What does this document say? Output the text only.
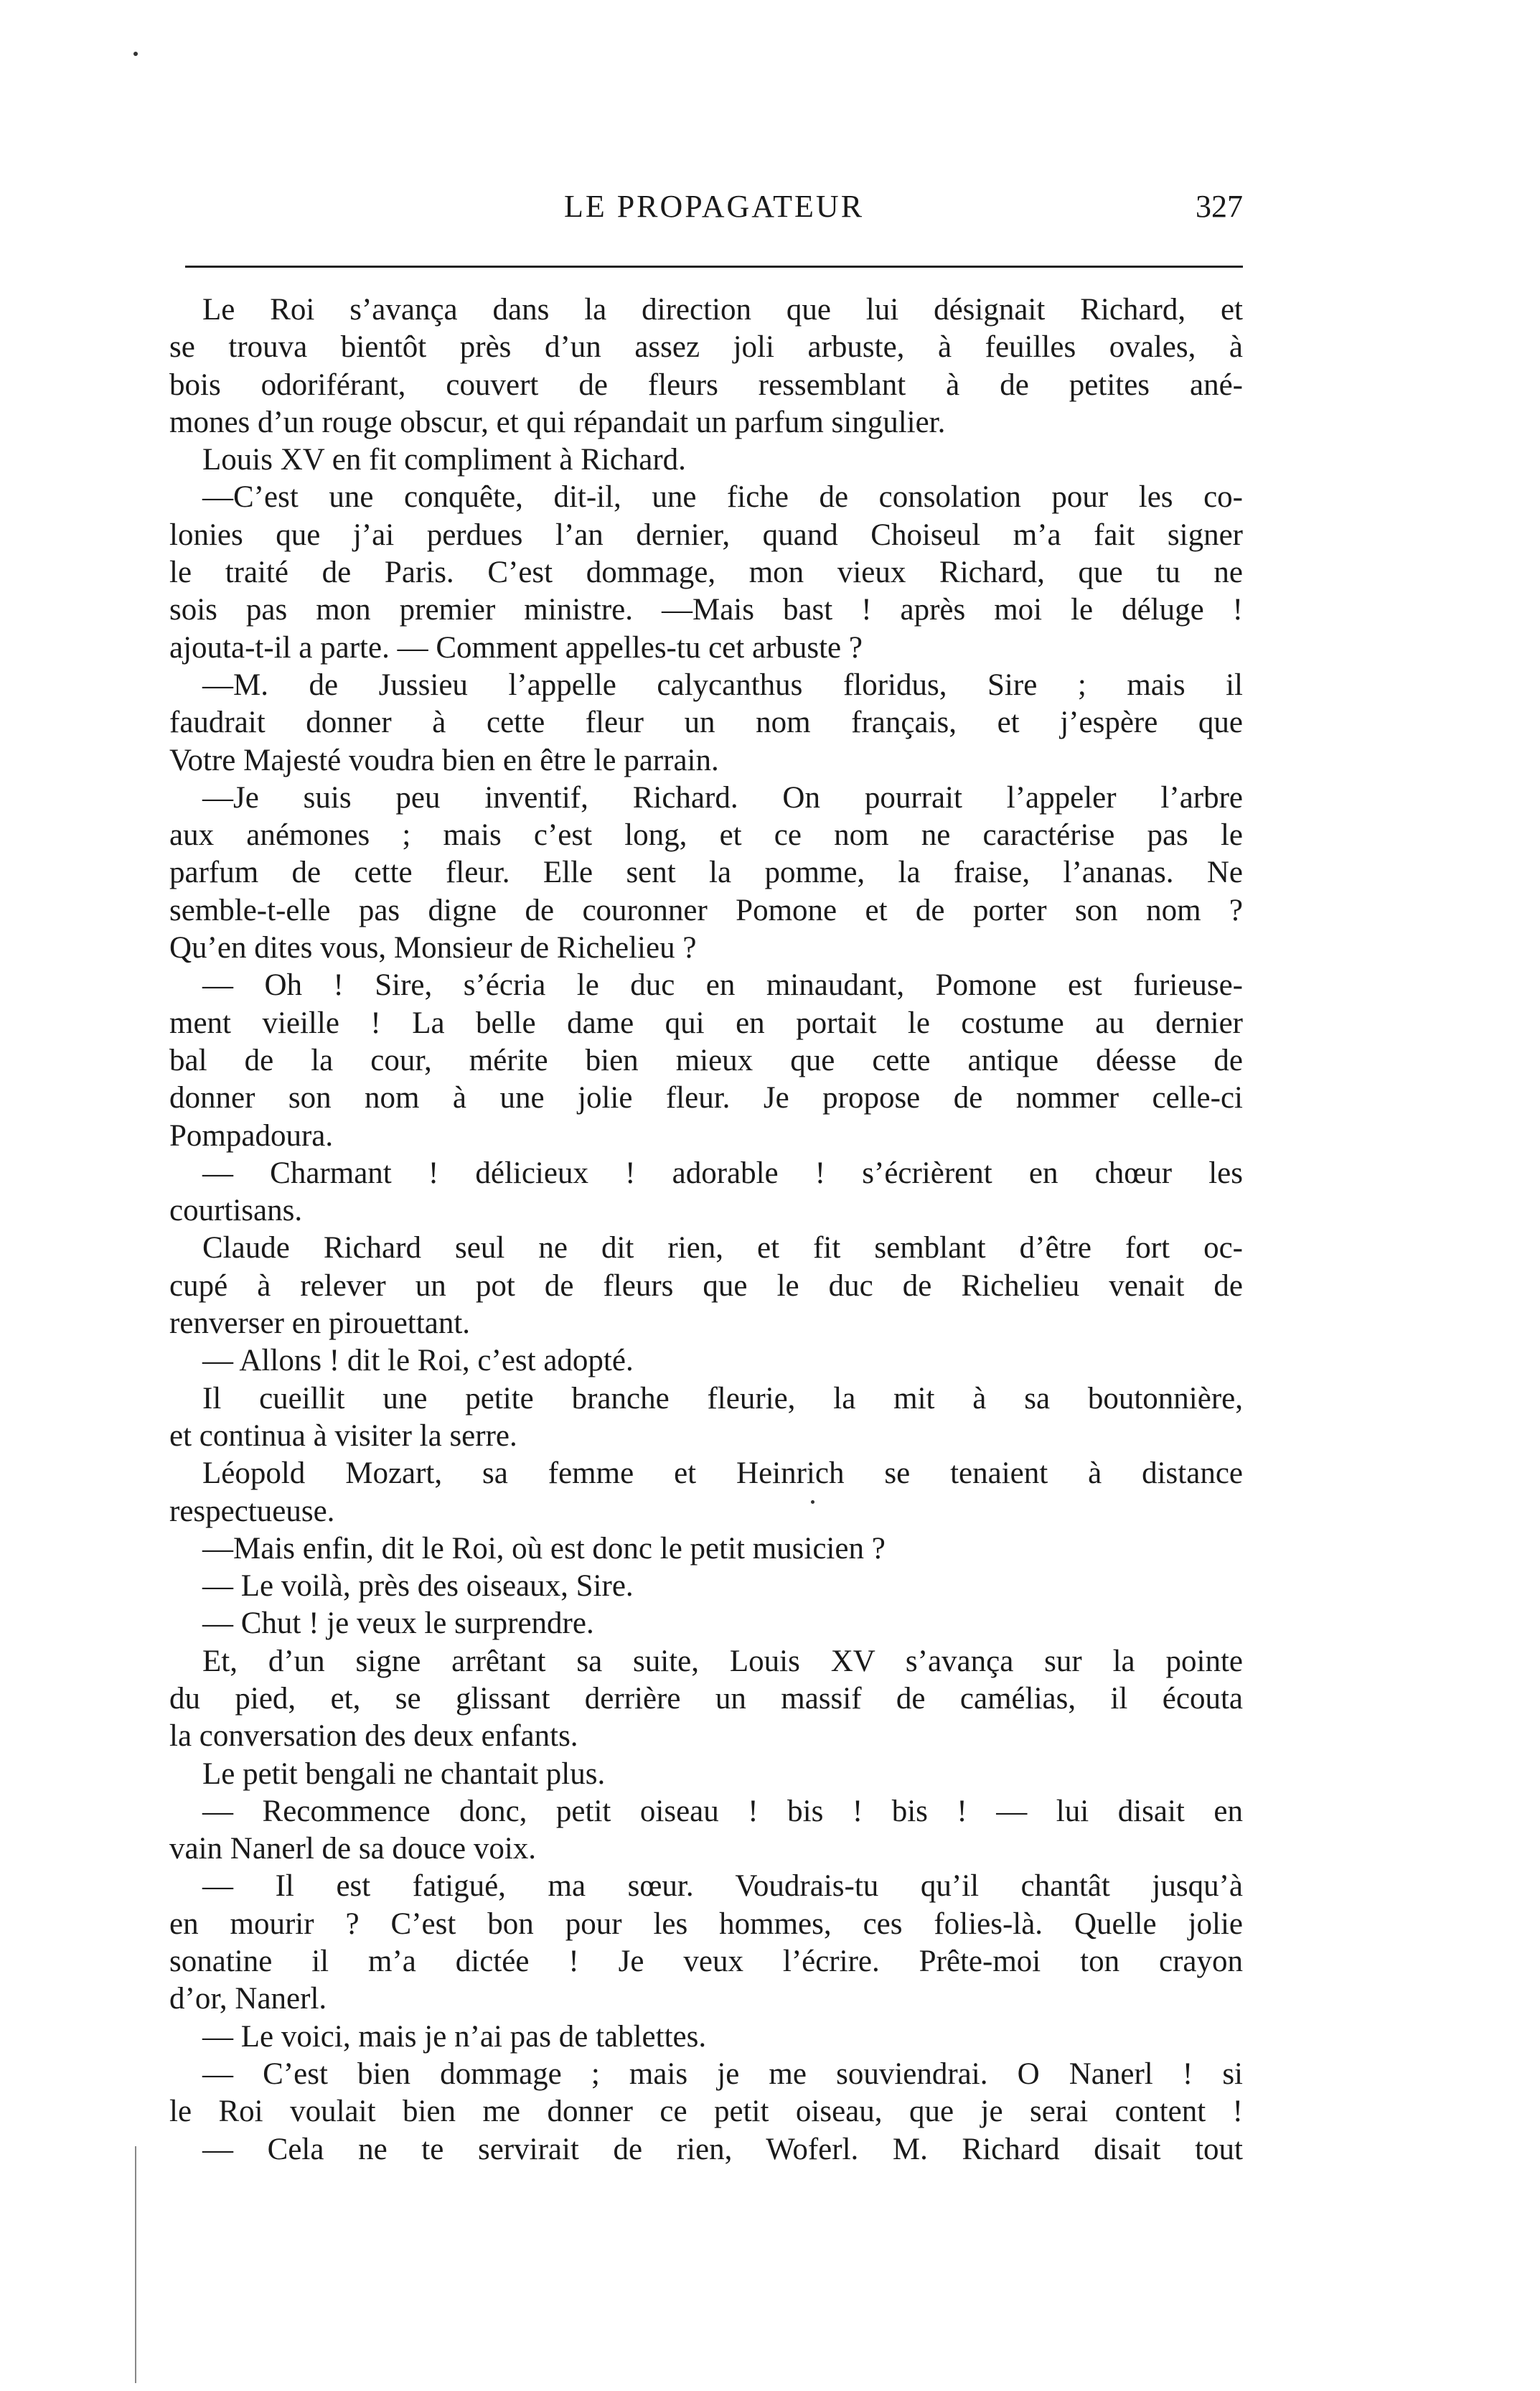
LE PROPAGATEUR	327
Le Roi s’avança dans la direction que lui désignait Richard, et
se trouva bientôt près d’un assez joli arbuste, à feuilles ovales, à
bois odoriférant, couvert de fleurs ressemblant à de petites ané-
mones d’un rouge obscur, et qui répandait un parfum singulier.
Louis XV en fit compliment à Richard.
—C’est une conquête, dit-il, une fiche de consolation pour les co-
lonies que j’ai perdues l’an dernier, quand Choiseul m’a fait signer
le traité de Paris. C’est dommage, mon vieux Richard, que tu ne
sois pas mon premier ministre. —Mais bast ! après moi le déluge !
ajouta-t-il a parte. — Comment appelles-tu cet arbuste ?
—M. de Jussieu l’appelle calycanthus floridus, Sire ; mais il
faudrait donner à cette fleur un nom français, et j’espère que
Votre Majesté voudra bien en être le parrain.
—Je suis peu inventif, Richard. On pourrait l’appeler l’arbre
aux anémones ; mais c’est long, et ce nom ne caractérise pas le
parfum de cette fleur. Elle sent la pomme, la fraise, l’ananas. Ne
semble-t-elle pas digne de couronner Pomone et de porter son nom ?
Qu’en dites vous, Monsieur de Richelieu ?
— Oh ! Sire, s’écria le duc en minaudant, Pomone est furieuse-
ment vieille ! La belle dame qui en portait le costume au dernier
bal de la cour, mérite bien mieux que cette antique déesse de
donner son nom à une jolie fleur. Je propose de nommer celle-ci
Pompadoura.
— Charmant ! délicieux ! adorable ! s’écrièrent en chœur les
courtisans.
Claude Richard seul ne dit rien, et fit semblant d’être fort oc-
cupé à relever un pot de fleurs que le duc de Richelieu venait de
renverser en pirouettant.
— Allons ! dit le Roi, c’est adopté.
Il cueillit une petite branche fleurie, la mit à sa boutonnière,
et continua à visiter la serre.
Léopold Mozart, sa femme et Heinrich se tenaient à distance
respectueuse.
—Mais enfin, dit le Roi, où est donc le petit musicien ?
— Le voilà, près des oiseaux, Sire.
— Chut ! je veux le surprendre.
Et, d’un signe arrêtant sa suite, Louis XV s’avança sur la pointe
du pied, et, se glissant derrière un massif de camélias, il écouta
la conversation des deux enfants.
Le petit bengali ne chantait plus.
— Recommence donc, petit oiseau ! bis ! bis ! — lui disait en
vain Nanerl de sa douce voix.
— Il est fatigué, ma sœur. Voudrais-tu qu’il chantât jusqu’à
en mourir ? C’est bon pour les hommes, ces folies-là. Quelle jolie
sonatine il m’a dictée ! Je veux l’écrire. Prête-moi ton crayon
d’or, Nanerl.
— Le voici, mais je n’ai pas de tablettes.
— C’est bien dommage ; mais je me souviendrai. O Nanerl ! si
le Roi voulait bien me donner ce petit oiseau, que je serai content !
— Cela ne te servirait de rien, Woferl. M. Richard disait tout
